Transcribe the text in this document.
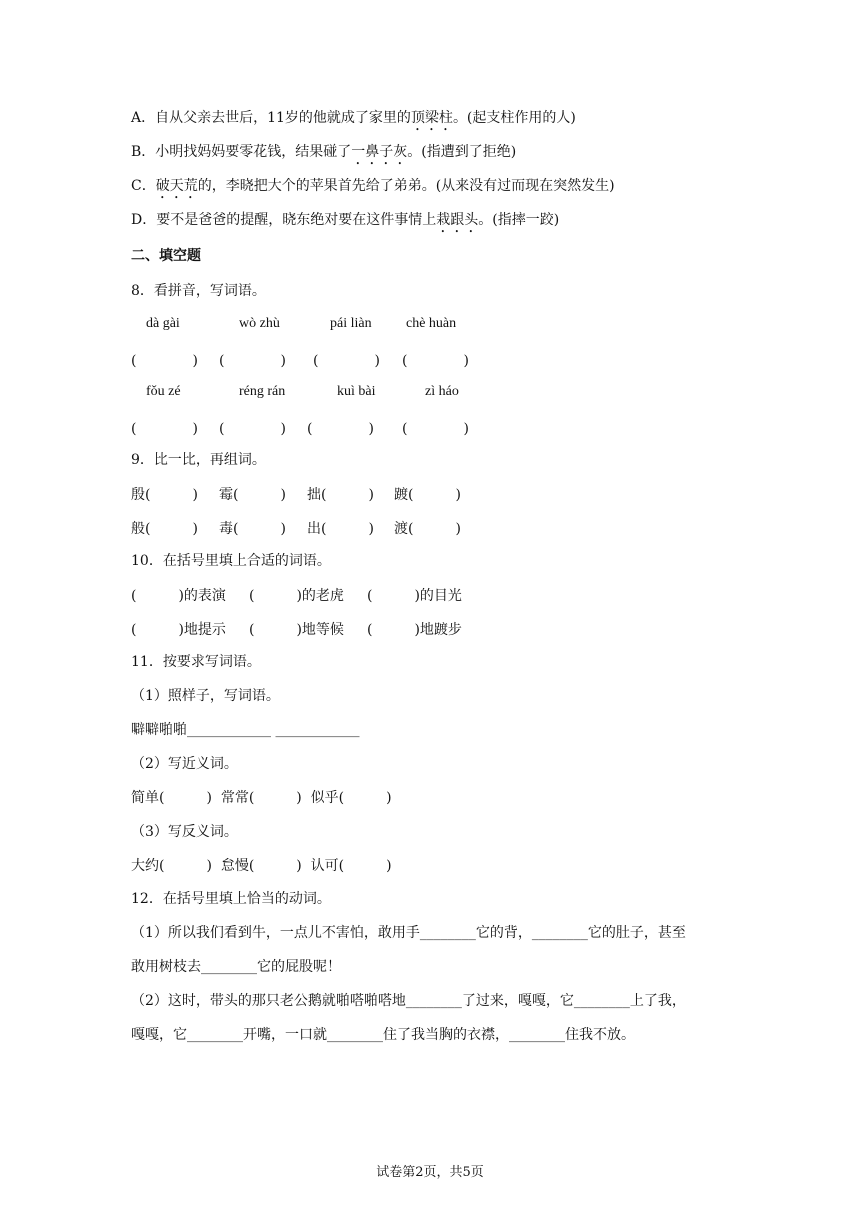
A．自从父亲去世后，11岁的他就成了家里的顶梁柱。(起支柱作用的人)
B．小明找妈妈要零花钱，结果碰了一鼻子灰。(指遭到了拒绝)
C．破天荒的，李晓把大个的苹果首先给了弟弟。(从来没有过而现在突然发生)
D．要不是爸爸的提醒，晓东绝对要在这件事情上栽跟头。(指摔一跤)
二、填空题
8．看拼音，写词语。
dà gài	wò zhù	pái liàn chè huàn
(　　　　) (　　　　) (　　　　) (　　　　)
fǒu zé	réng rán	kuì bài	zì háo
(　　　　) (　　　　) (　　　　) (　　　　)
9．比一比，再组词。
殷(　　　) 霉(　　　) 拙(　　　) 踱(　　　)
般(　　　) 毒(　　　) 出(　　　) 渡(　　　)
10．在括号里填上合适的词语。
(　　　)的表演 (　　　)的老虎 (　　　)的目光
(　　　)地提示 (　　　)地等候 (　　　)地踱步
11．按要求写词语。
（1）照样子，写词语。
噼噼啪啪____________ ____________
（2）写近义词。
简单(　　　)  常常(　　　)  似乎(　　　)
（3）写反义词。
大约(　　　)  怠慢(　　　)  认可(　　　)
12．在括号里填上恰当的动词。
（1）所以我们看到牛，一点儿不害怕，敢用手________它的背，________它的肚子，甚至
敢用树枝去________它的屁股呢！
（2）这时，带头的那只老公鹅就啪嗒啪嗒地________了过来，嘎嘎，它________上了我，
嘎嘎，它________开嘴，一口就________住了我当胸的衣襟，________住我不放。
试卷第2页，共5页
